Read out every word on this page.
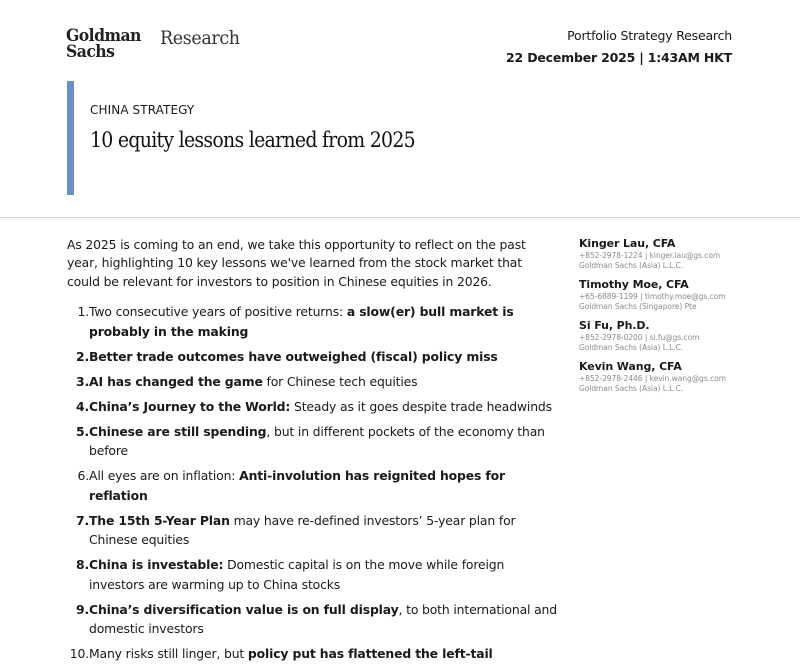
Goldman
Sachs
Research	Portfolio Strategy Research
22 December 2025 | 1:43AM HKT
CHINA STRATEGY
10 equity lessons learned from 2025
As 2025 is coming to an end, we take this opportunity to reflect on the past year, highlighting 10 key lessons we've learned from the stock market that could be relevant for investors to position in Chinese equities in 2026.
1. Two consecutive years of positive returns: a slow(er) bull market is probably in the making
2. Better trade outcomes have outweighed (fiscal) policy miss
3. AI has changed the game for Chinese tech equities
4. China’s Journey to the World: Steady as it goes despite trade headwinds
5. Chinese are still spending, but in different pockets of the economy than before
6. All eyes are on inflation: Anti-involution has reignited hopes for reflation
7. The 15th 5-Year Plan may have re-defined investors’ 5-year plan for Chinese equities
8. China is investable: Domestic capital is on the move while foreign investors are warming up to China stocks
9. China’s diversification value is on full display, to both international and domestic investors
10. Many risks still linger, but policy put has flattened the left-tail
Kinger Lau, CFA
+852-2978-1224 | kinger.lau@gs.com
Goldman Sachs (Asia) L.L.C.
Timothy Moe, CFA
+65-6889-1199 | timothy.moe@gs.com
Goldman Sachs (Singapore) Pte
Si Fu, Ph.D.
+852-2978-0200 | si.fu@gs.com
Goldman Sachs (Asia) L.L.C.
Kevin Wang, CFA
+852-2978-2446 | kevin.wang@gs.com
Goldman Sachs (Asia) L.L.C.
